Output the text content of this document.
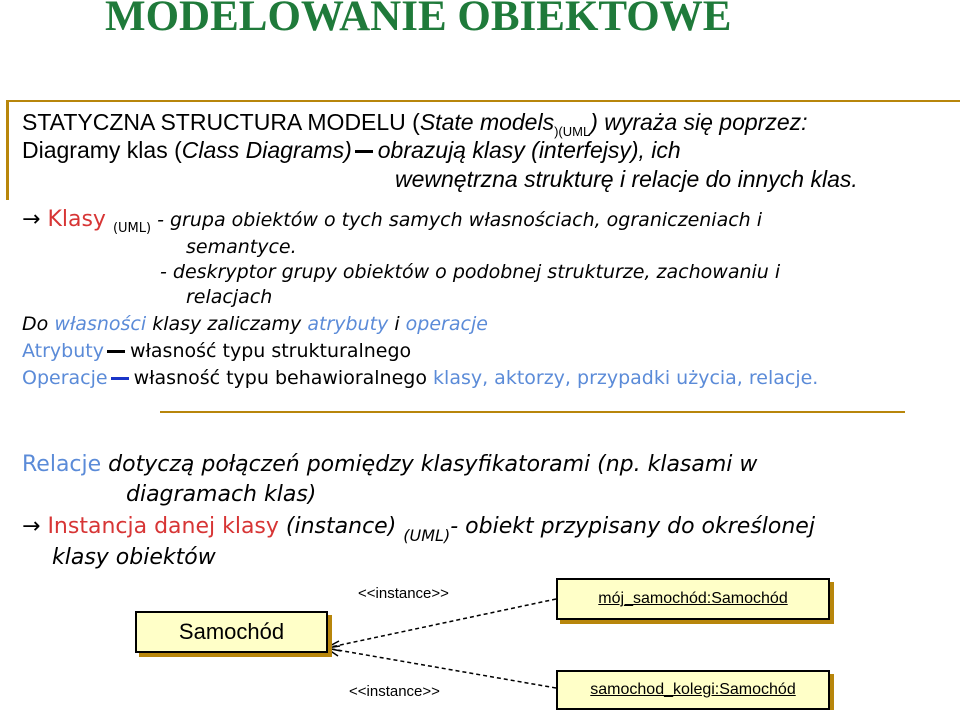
MODELOWANIE OBIEKTOWE
STATYCZNA STRUCTURA MODELU (State models$_{)(UML}$) wyraża się poprzez:
Diagramy klas (Class Diagrams) obrazują klasy (interfejsy), ich
wewnętrzna strukturę i relacje do innych klas.
→ Klasy $_{(UML)}$ - grupa obiektów o tych samych własnościach, ograniczeniach i
semantyce.
- deskryptor grupy obiektów o podobnej strukturze, zachowaniu i
relacjach
Do własności klasy zaliczamy atrybuty i operacje
Atrybuty własność typu strukturalnego
Operacje własność typu behawioralnego klasy, aktorzy, przypadki użycia, relacje.
Relacje dotyczą połączeń pomiędzy klasyfikatorami (np. klasami w
diagramach klas)
→ Instancja danej klasy (instance) $_{(UML)}$- obiekt przypisany do określonej
klasy obiektów
<<instance>>
<<instance>>
Samochód
mój_samochód:Samochód
samochod_kolegi:Samochód
